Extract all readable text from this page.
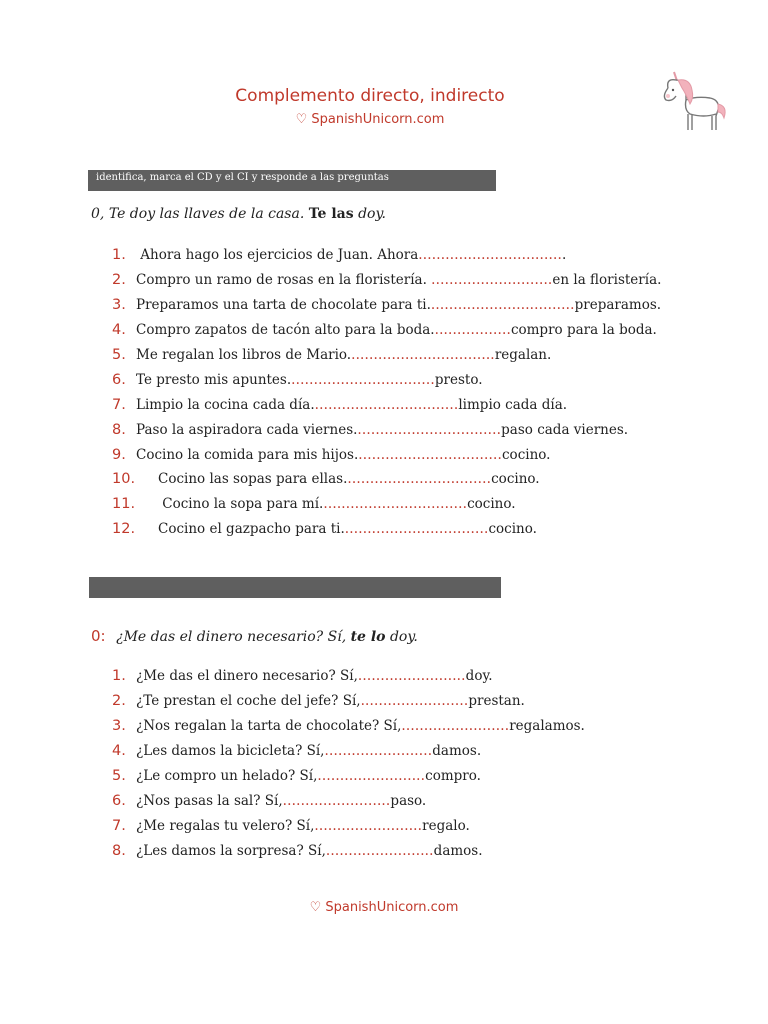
Complemento directo, indirecto
♡ SpanishUnicorn.com
identifica, marca el CD y el CI y responde a las preguntas
0, Te doy las llaves de la casa. Te las doy.
1. Ahora hago los ejercicios de Juan. Ahora ................................ .
2. Compro un ramo de rosas en la floristería. ........................... en la floristería.
3. Preparamos una tarta de chocolate para ti. ................................ preparamos.
4. Compro zapatos de tacón alto para la boda. ................. compro para la boda.
5. Me regalan los libros de Mario. ................................ regalan.
6. Te presto mis apuntes. ................................ presto.
7. Limpio la cocina cada día. ................................ limpio cada día.
8. Paso la aspiradora cada viernes. ................................ paso cada viernes.
9. Cocino la comida para mis hijos. ................................ cocino.
10.	Cocino las sopas para ellas. ................................ cocino.
11.	Cocino la sopa para mí. ................................ cocino.
12.	Cocino el gazpacho para ti. ................................ cocino.
0: ¿Me das el dinero necesario? Sí, te lo doy.
1. ¿Me das el dinero necesario? Sí, ........................ doy.
2. ¿Te prestan el coche del jefe? Sí, ........................ prestan.
3. ¿Nos regalan la tarta de chocolate? Sí, ........................ regalamos.
4. ¿Les damos la bicicleta? Sí, ........................ damos.
5. ¿Le compro un helado? Sí, ........................ compro.
6. ¿Nos pasas la sal? Sí, ........................ paso.
7. ¿Me regalas tu velero? Sí, ........................ regalo.
8. ¿Les damos la sorpresa? Sí, ........................ damos.
♡ SpanishUnicorn.com
